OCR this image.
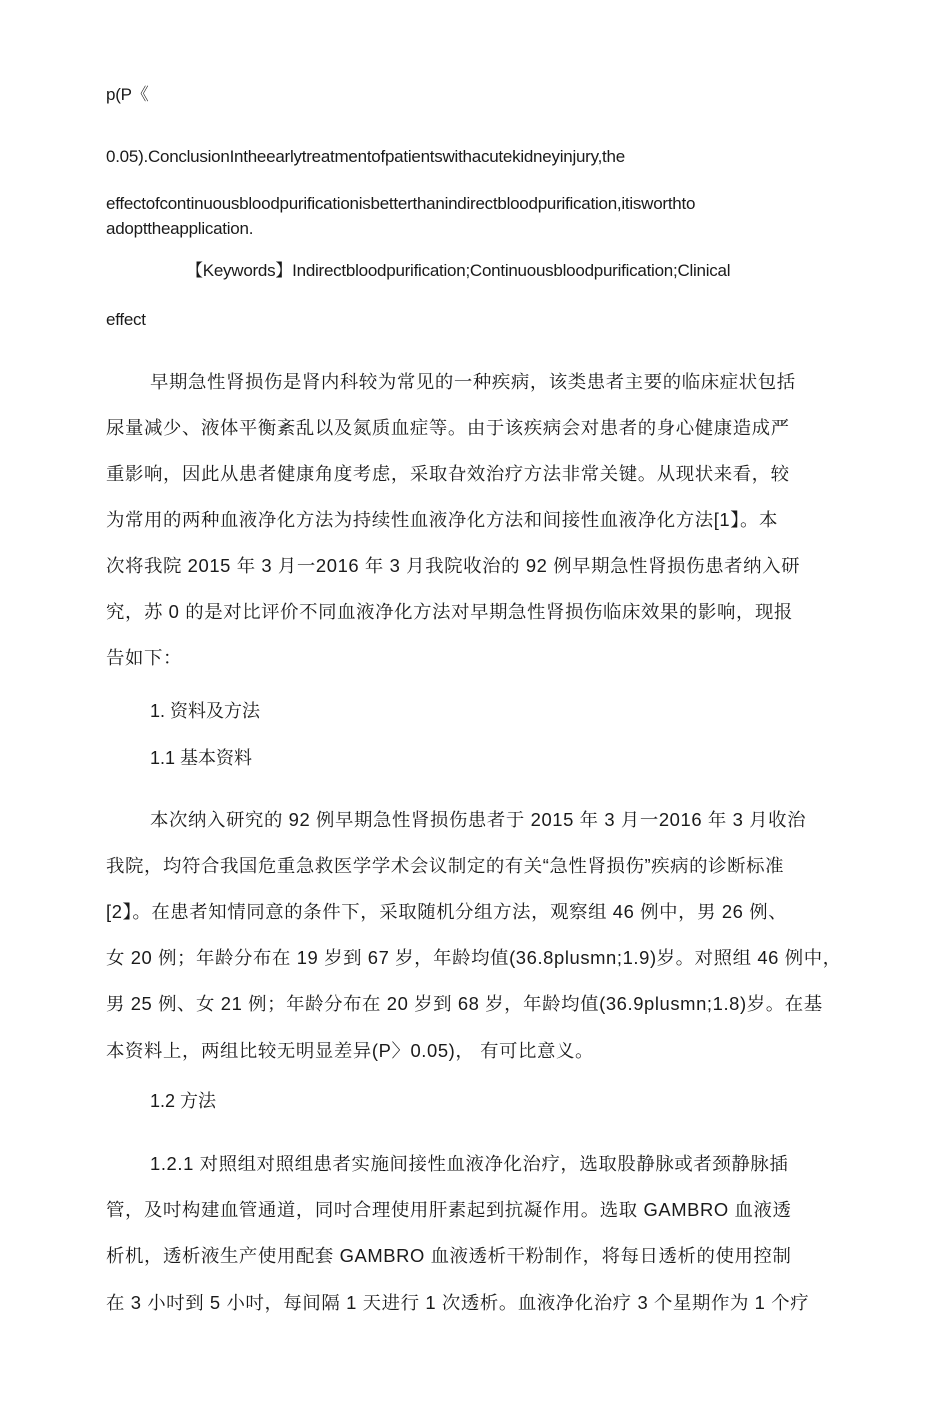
p(P《
0.05).ConclusionIntheearlytreatmentofpatientswithacutekidneyinjury,the
effectofcontinuousbloodpurificationisbetterthanindirectbloodpurification,itisworthto
adopttheapplication.
【Keywords】Indirectbloodpurification;Continuousbloodpurification;Clinical
effect
早期急性肾损伤是肾内科较为常见的一种疾病，该类患者主要的临床症状包括
尿量减少、液体平衡紊乱以及氮质血症等。由于该疾病会对患者的身心健康造成严
重影响，因此从患者健康角度考虑，采取旮效治疗方法非常关键。从现状来看，较
为常用的两种血液净化方法为持续性血液净化方法和间接性血液净化方法[1】。本
次将我院 2015 年 3 月一2016 年 3 月我院收治的 92 例早期急性肾损伤患者纳入研
究，苏 0 的是对比评价不同血液净化方法对早期急性肾损伤临床效果的影响，现报
告如下：
1. 资料及方法
1.1 基本资料
本次纳入研究的 92 例早期急性肾损伤患者于 2015 年 3 月一2016 年 3 月收治
我院，均符合我国危重急救医学学术会议制定的有关“急性肾损伤”疾病的诊断标准
[2】。在患者知情同意的条件下，采取随机分组方法，观察组 46 例中，男 26 例、
女 20 例；年龄分布在 19 岁到 67 岁，年龄均值(36.8plusmn;1.9)岁。对照组 46 例中，
男 25 例、女 21 例；年龄分布在 20 岁到 68 岁，年龄均值(36.9plusmn;1.8)岁。在基
本资料上，两组比较无明显差异(P〉0.05)， 有可比意义。
1.2 方法
1.2.1 对照组对照组患者实施间接性血液净化治疗，选取股静脉或者颈静脉插
管，及吋构建血管通道，同吋合理使用肝素起到抗凝作用。选取 GAMBRO 血液透
析机，透析液生产使用配套 GAMBRO 血液透析干粉制作，将每日透析的使用控制
在 3 小吋到 5 小吋，每间隔 1 天进行 1 次透析。血液净化治疗 3 个星期作为 1 个疗
